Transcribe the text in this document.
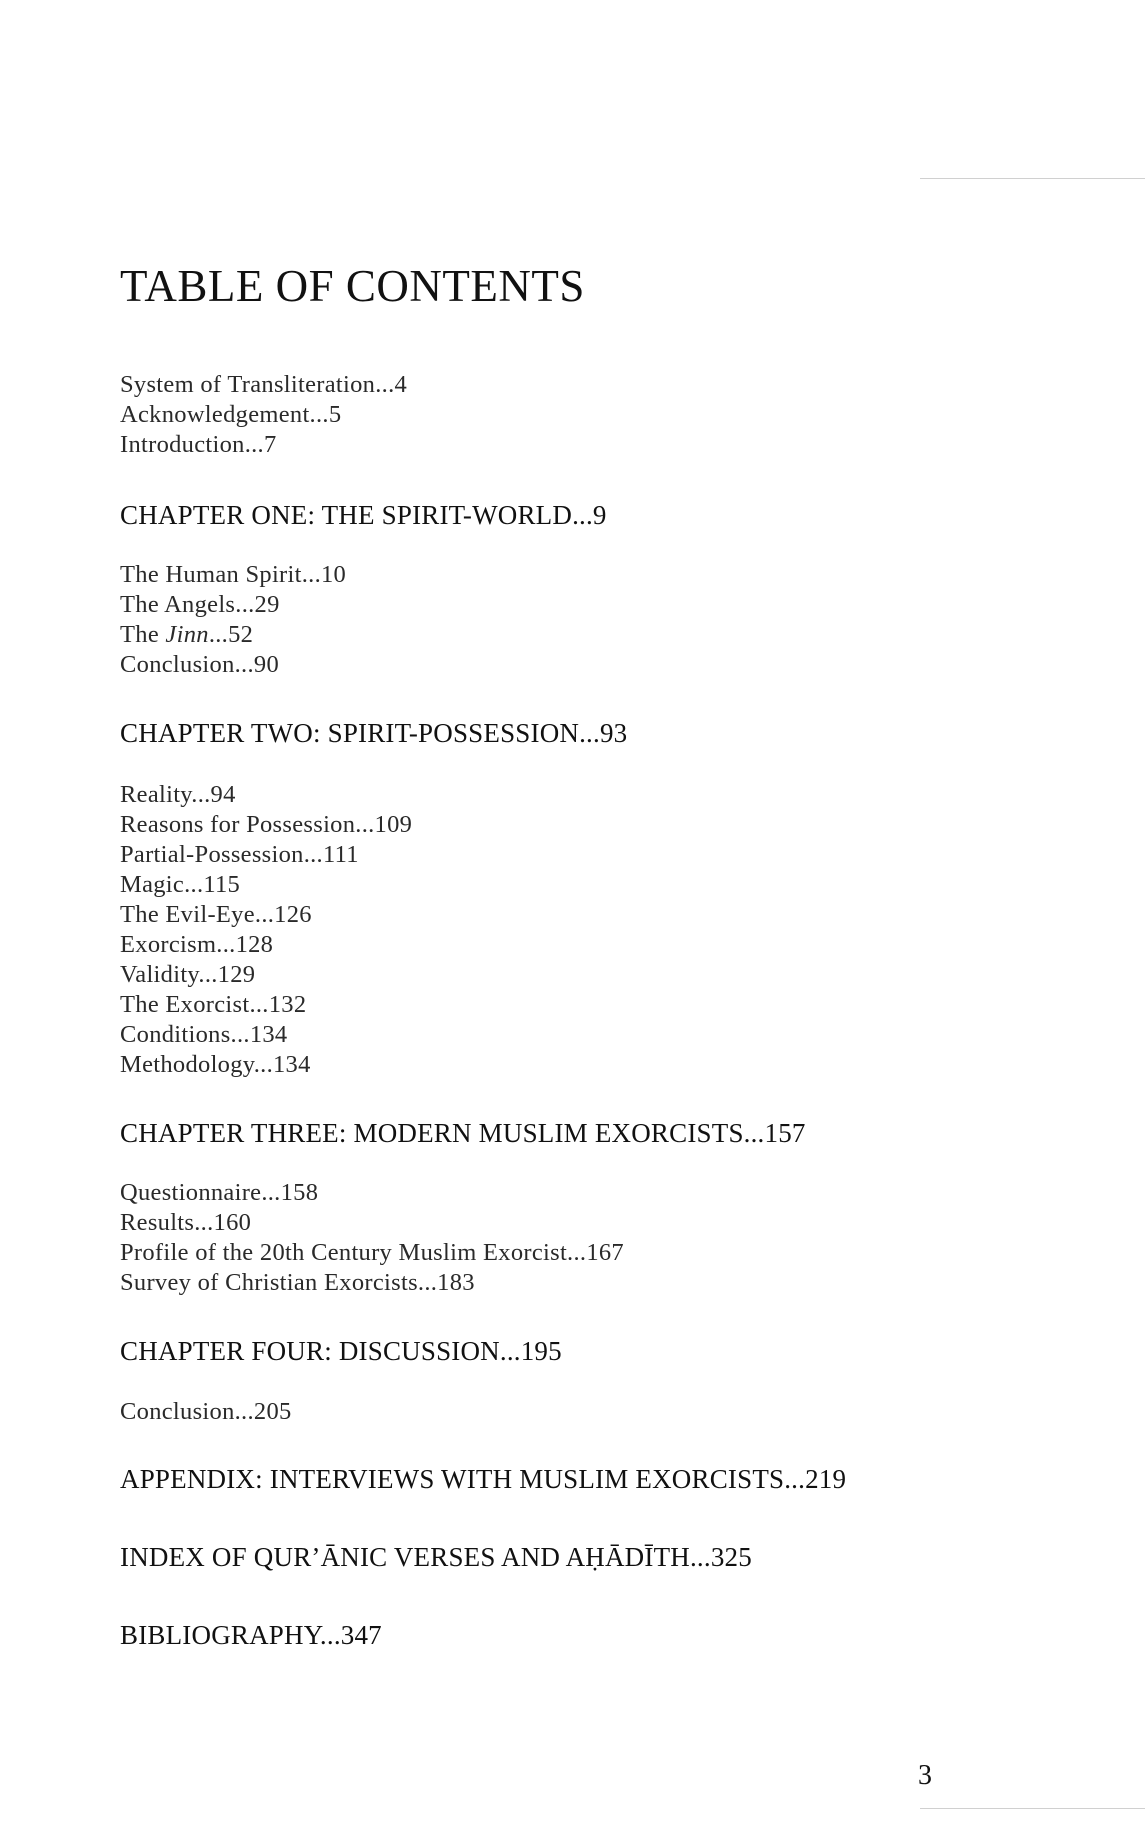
TABLE OF CONTENTS
System of Transliteration...4
Acknowledgement...5
Introduction...7
CHAPTER ONE: THE SPIRIT-WORLD...9
The Human Spirit...10
The Angels...29
The Jinn...52
Conclusion...90
CHAPTER TWO: SPIRIT-POSSESSION...93
Reality...94
Reasons for Possession...109
Partial-Possession...111
Magic...115
The Evil-Eye...126
Exorcism...128
Validity...129
The Exorcist...132
Conditions...134
Methodology...134
CHAPTER THREE: MODERN MUSLIM EXORCISTS...157
Questionnaire...158
Results...160
Profile of the 20th Century Muslim Exorcist...167
Survey of Christian Exorcists...183
CHAPTER FOUR: DISCUSSION...195
Conclusion...205
APPENDIX: INTERVIEWS WITH MUSLIM EXORCISTS...219
INDEX OF QUR’ĀNIC VERSES AND AḤĀDĪTH...325
BIBLIOGRAPHY...347
3
